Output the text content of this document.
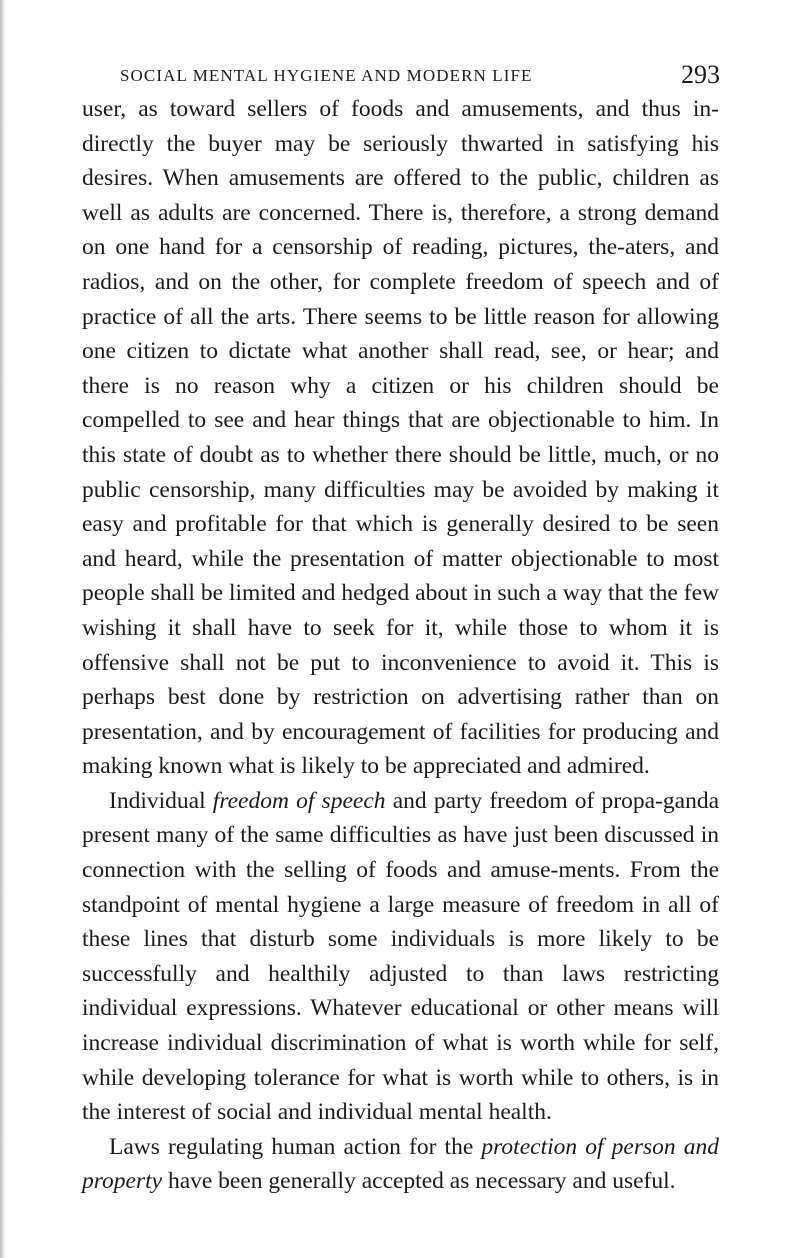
SOCIAL MENTAL HYGIENE AND MODERN LIFE	293

user, as toward sellers of foods and amusements, and thus in-directly the buyer may be seriously thwarted in satisfying his desires. When amusements are offered to the public, children as well as adults are concerned. There is, therefore, a strong demand on one hand for a censorship of reading, pictures, the-aters, and radios, and on the other, for complete freedom of speech and of practice of all the arts. There seems to be little reason for allowing one citizen to dictate what another shall read, see, or hear; and there is no reason why a citizen or his children should be compelled to see and hear things that are objectionable to him. In this state of doubt as to whether there should be little, much, or no public censorship, many difficulties may be avoided by making it easy and profitable for that which is generally desired to be seen and heard, while the presentation of matter objectionable to most people shall be limited and hedged about in such a way that the few wishing it shall have to seek for it, while those to whom it is offensive shall not be put to inconvenience to avoid it. This is perhaps best done by restriction on advertising rather than on presentation, and by encouragement of facilities for producing and making known what is likely to be appreciated and admired.

Individual freedom of speech and party freedom of propa-ganda present many of the same difficulties as have just been discussed in connection with the selling of foods and amuse-ments. From the standpoint of mental hygiene a large measure of freedom in all of these lines that disturb some individuals is more likely to be successfully and healthily adjusted to than laws restricting individual expressions. Whatever educational or other means will increase individual discrimination of what is worth while for self, while developing tolerance for what is worth while to others, is in the interest of social and individual mental health.

Laws regulating human action for the protection of person and property have been generally accepted as necessary and useful.
